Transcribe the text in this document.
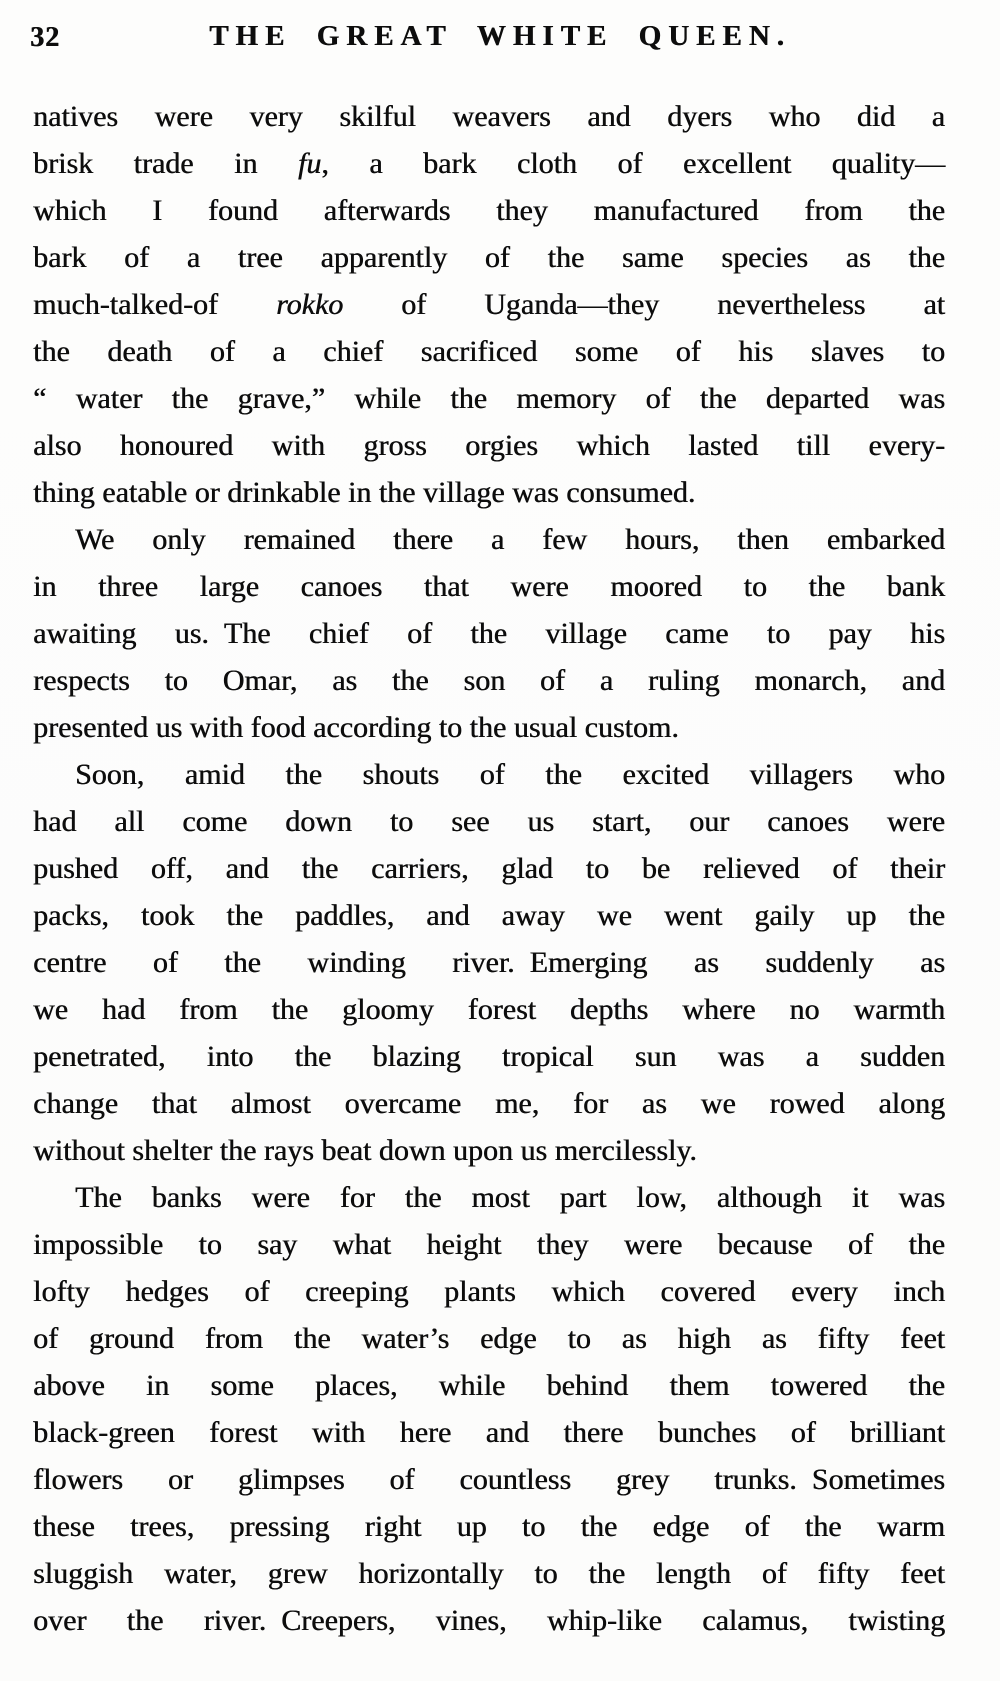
32	THE GREAT WHITE QUEEN.
natives were very skilful weavers and dyers who did a
brisk trade in fu, a bark cloth of excellent quality—
which I found afterwards they manufactured from the
bark of a tree apparently of the same species as the
much-talked-of rokko of Uganda—they nevertheless at
the death of a chief sacrificed some of his slaves to
“ water the grave,” while the memory of the departed was
also honoured with gross orgies which lasted till every-
thing eatable or drinkable in the village was consumed.
We only remained there a few hours, then embarked
in three large canoes that were moored to the bank
awaiting us. The chief of the village came to pay his
respects to Omar, as the son of a ruling monarch, and
presented us with food according to the usual custom.
Soon, amid the shouts of the excited villagers who
had all come down to see us start, our canoes were
pushed off, and the carriers, glad to be relieved of their
packs, took the paddles, and away we went gaily up the
centre of the winding river. Emerging as suddenly as
we had from the gloomy forest depths where no warmth
penetrated, into the blazing tropical sun was a sudden
change that almost overcame me, for as we rowed along
without shelter the rays beat down upon us mercilessly.
The banks were for the most part low, although it was
impossible to say what height they were because of the
lofty hedges of creeping plants which covered every inch
of ground from the water’s edge to as high as fifty feet
above in some places, while behind them towered the
black-green forest with here and there bunches of brilliant
flowers or glimpses of countless grey trunks. Sometimes
these trees, pressing right up to the edge of the warm
sluggish water, grew horizontally to the length of fifty feet
over the river. Creepers, vines, whip-like calamus, twisting
